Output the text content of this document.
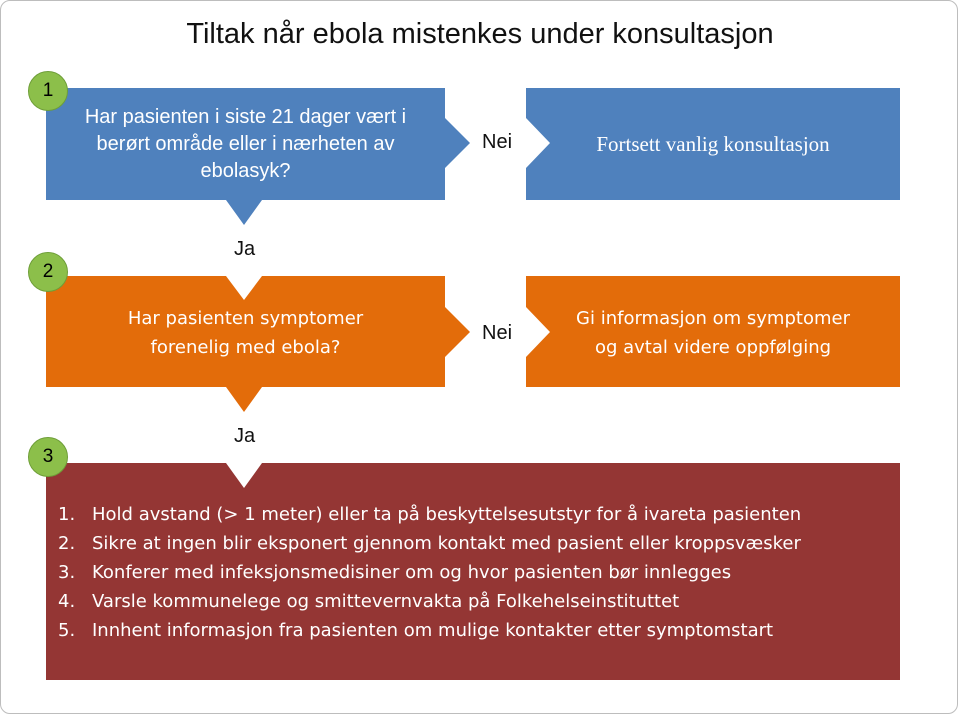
Tiltak når ebola mistenkes under konsultasjon
1
2
3
Har pasienten i siste 21 dager vært i
berørt område eller i nærheten av
ebolasyk?
Nei	Fortsett vanlig konsultasjon
Ja
Har pasienten symptomer
forenelig med ebola?
Nei
Gi informasjon om symptomer
og avtal videre oppfølging
Ja
1. Hold avstand (> 1 meter) eller ta på beskyttelsesutstyr for å ivareta pasienten
2. Sikre at ingen blir eksponert gjennom kontakt med pasient eller kroppsvæsker
3. Konferer med infeksjonsmedisiner om og hvor pasienten bør innlegges
4. Varsle kommunelege og smittevernvakta på Folkehelseinstituttet
5. Innhent informasjon fra pasienten om mulige kontakter etter symptomstart
